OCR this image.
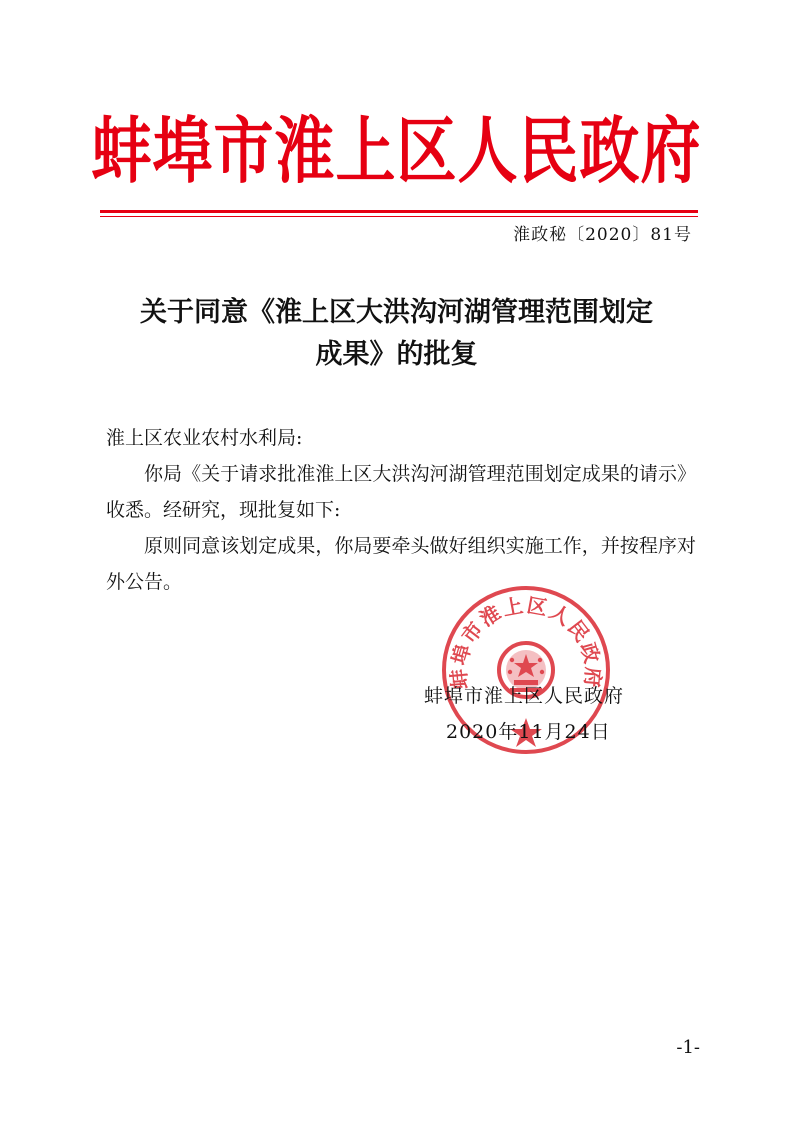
蚌埠市淮上区人民政府
淮政秘〔2020〕81号
关于同意《淮上区大洪沟河湖管理范围划定
成果》的批复

淮上区农业农村水利局:

你局《关于请求批准淮上区大洪沟河湖管理范围划定成果的请示》收悉。经研究，现批复如下:

原则同意该划定成果，你局要牵头做好组织实施工作，并按程序对外公告。

蚌埠市淮上区人民政府
蚌埠市淮上区人民政府
2020年11月24日
-1-
